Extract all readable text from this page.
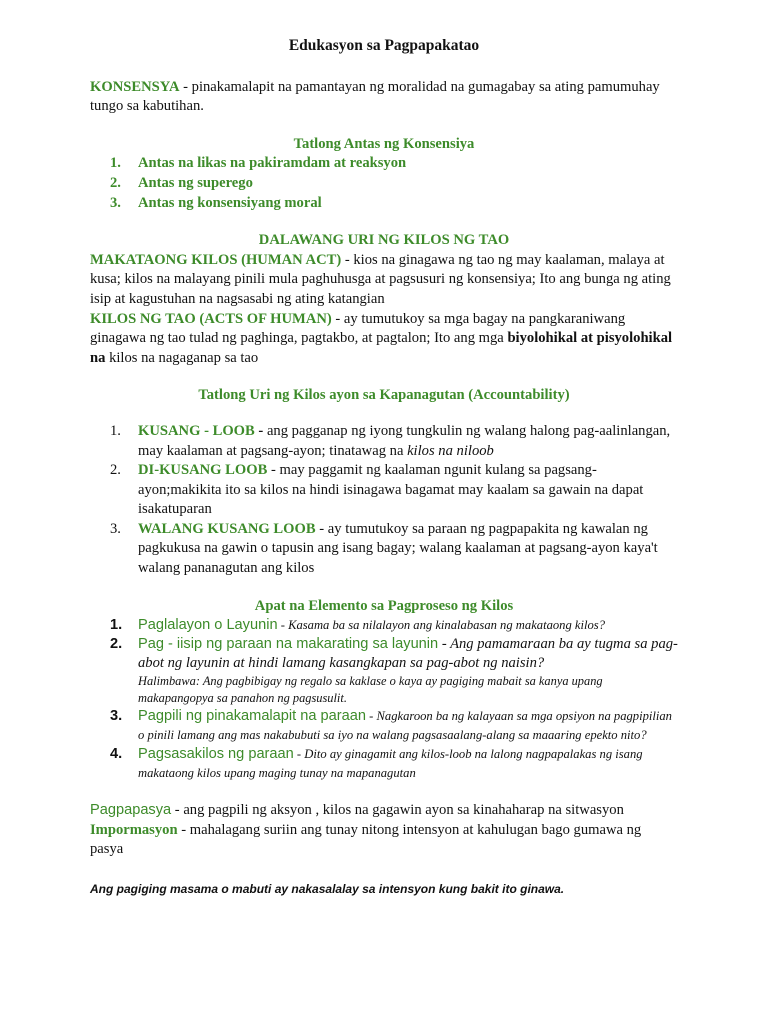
Edukasyon sa Pagpapakatao

KONSENSYA - pinakamalapit na pamantayan ng moralidad na gumagabay sa ating pamumuhay tungo sa kabutihan.

Tatlong Antas ng Konsensiya
1. Antas na likas na pakiramdam at reaksyon
2. Antas ng superego
3. Antas ng konsensiyang moral
DALAWANG URI NG KILOS NG TAO

MAKATAONG KILOS (HUMAN ACT) - kios na ginagawa ng tao ng may kaalaman, malaya at kusa; kilos na malayang pinili mula paghuhusga at pagsusuri ng konsensiya; Ito ang bunga ng ating isip at kagustuhan na nagsasabi ng ating katangian

KILOS NG TAO (ACTS OF HUMAN) - ay tumutukoy sa mga bagay na pangkaraniwang ginagawa ng tao tulad ng paghinga, pagtakbo, at pagtalon; Ito ang mga biyolohikal at pisyolohikal na kilos na nagaganap sa tao

Tatlong Uri ng Kilos ayon sa Kapanagutan (Accountability)
1. KUSANG - LOOB - ang pagganap ng iyong tungkulin ng walang halong pag-aalinlangan, may kaalaman at pagsang-ayon; tinatawag na kilos na niloob
2. DI-KUSANG LOOB - may paggamit ng kaalaman ngunit kulang sa pagsang-ayon;makikita ito sa kilos na hindi isinagawa bagamat may kaalam sa gawain na dapat isakatuparan
3. WALANG KUSANG LOOB - ay tumutukoy sa paraan ng pagpapakita ng kawalan ng pagkukusa na gawin o tapusin ang isang bagay; walang kaalaman at pagsang-ayon kaya't walang pananagutan ang kilos
Apat na Elemento sa Pagproseso ng Kilos
1. Paglalayon o Layunin - Kasama ba sa nilalayon ang kinalabasan ng makataong kilos?
2. Pag - iisip ng paraan na makarating sa layunin - Ang pamamaraan ba ay tugma sa pag-abot ng layunin at hindi lamang kasangkapan sa pag-abot ng naisin?
Halimbawa: Ang pagbibigay ng regalo sa kaklase o kaya ay pagiging mabait sa kanya upang makapangopya sa panahon ng pagsusulit.
3. Pagpili ng pinakamalapit na paraan - Nagkaroon ba ng kalayaan sa mga opsiyon na pagpipilian o pinili lamang ang mas nakabubuti sa iyo na walang pagsasaalang-alang sa maaaring epekto nito?
4. Pagsasakilos ng paraan - Dito ay ginagamit ang kilos-loob na lalong nagpapalakas ng isang makataong kilos upang maging tunay na mapanagutan

Pagpapasya - ang pagpili ng aksyon , kilos na gagawin ayon sa kinahaharap na sitwasyon

Impormasyon - mahalagang suriin ang tunay nitong intensyon at kahulugan bago gumawa ng pasya

Ang pagiging masama o mabuti ay nakasalalay sa intensyon kung bakit ito ginawa.
